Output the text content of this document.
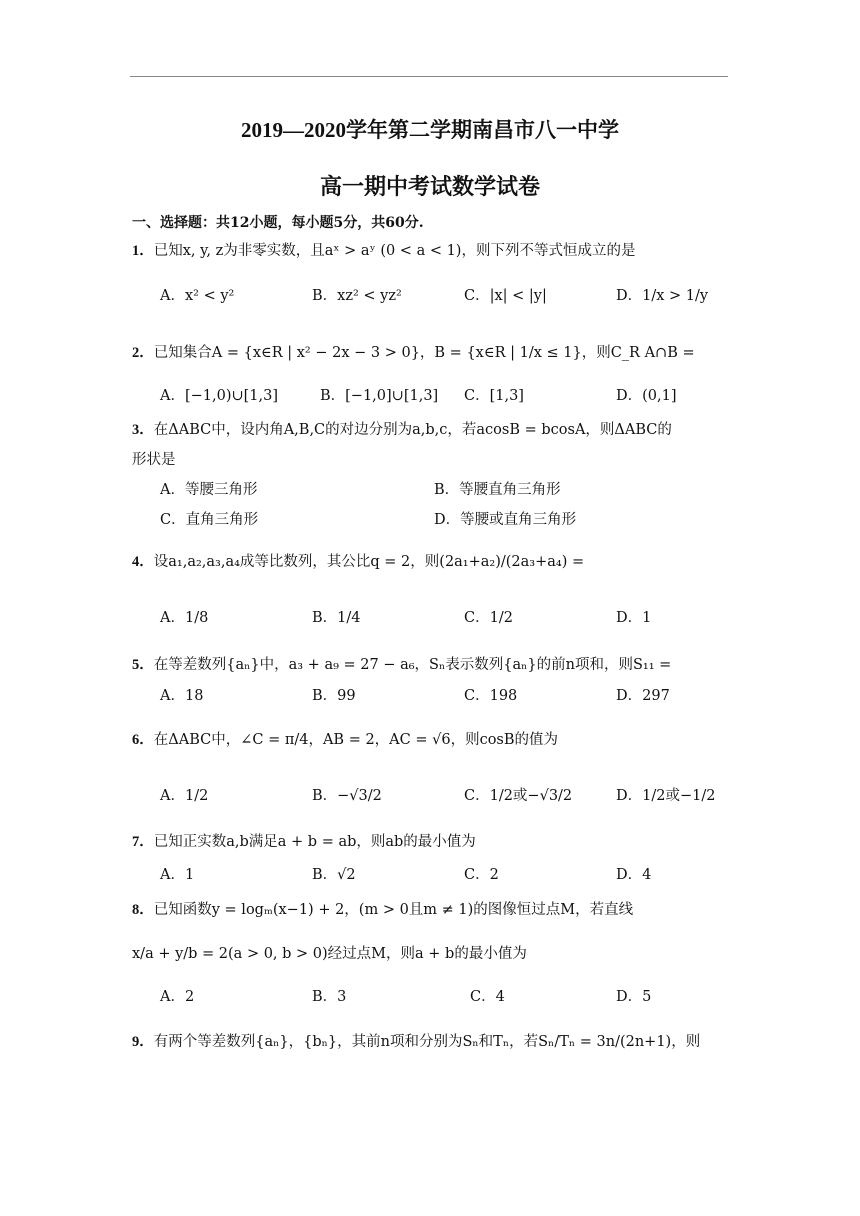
2019—2020学年第二学期南昌市八一中学
高一期中考试数学试卷
一、选择题：共12小题，每小题5分，共60分.
1．已知x, y, z为非零实数，且aˣ > aʸ (0 < a < 1)，则下列不等式恒成立的是
A．x² < y²	B．xz² < yz²	C．|x| < |y|	D．1/x > 1/y
2．已知集合A = {x∈R | x² − 2x − 3 > 0}，B = {x∈R | 1/x ≤ 1}，则C_R A∩B =
A．[−1,0)∪[1,3]	B．[−1,0]∪[1,3] C．[1,3]	D．(0,1]
3．在ΔABC中，设内角A,B,C的对边分别为a,b,c，若acosB = bcosA，则ΔABC的
形状是
A．等腰三角形	B．等腰直角三角形
C．直角三角形	D．等腰或直角三角形
4．设a₁,a₂,a₃,a₄成等比数列，其公比q = 2，则(2a₁+a₂)/(2a₃+a₄) =
A．1/8	B．1/4	C．1/2	D．1
5．在等差数列{aₙ}中，a₃ + a₉ = 27 − a₆，Sₙ表示数列{aₙ}的前n项和，则S₁₁ =
A．18	B．99	C．198	D．297
6．在ΔABC中，∠C = π/4，AB = 2，AC = √6，则cosB的值为
A．1/2	B．−√3/2	C．1/2或−√3/2	D．1/2或−1/2
7．已知正实数a,b满足a + b = ab，则ab的最小值为
A．1	B．√2	C．2	D．4
8．已知函数y = logₘ(x−1) + 2，(m > 0且m ≠ 1)的图像恒过点M，若直线
x/a + y/b = 2(a > 0, b > 0)经过点M，则a + b的最小值为
A．2	B．3	C．4	D．5
9．有两个等差数列{aₙ}，{bₙ}，其前n项和分别为Sₙ和Tₙ，若Sₙ/Tₙ = 3n/(2n+1)，则
